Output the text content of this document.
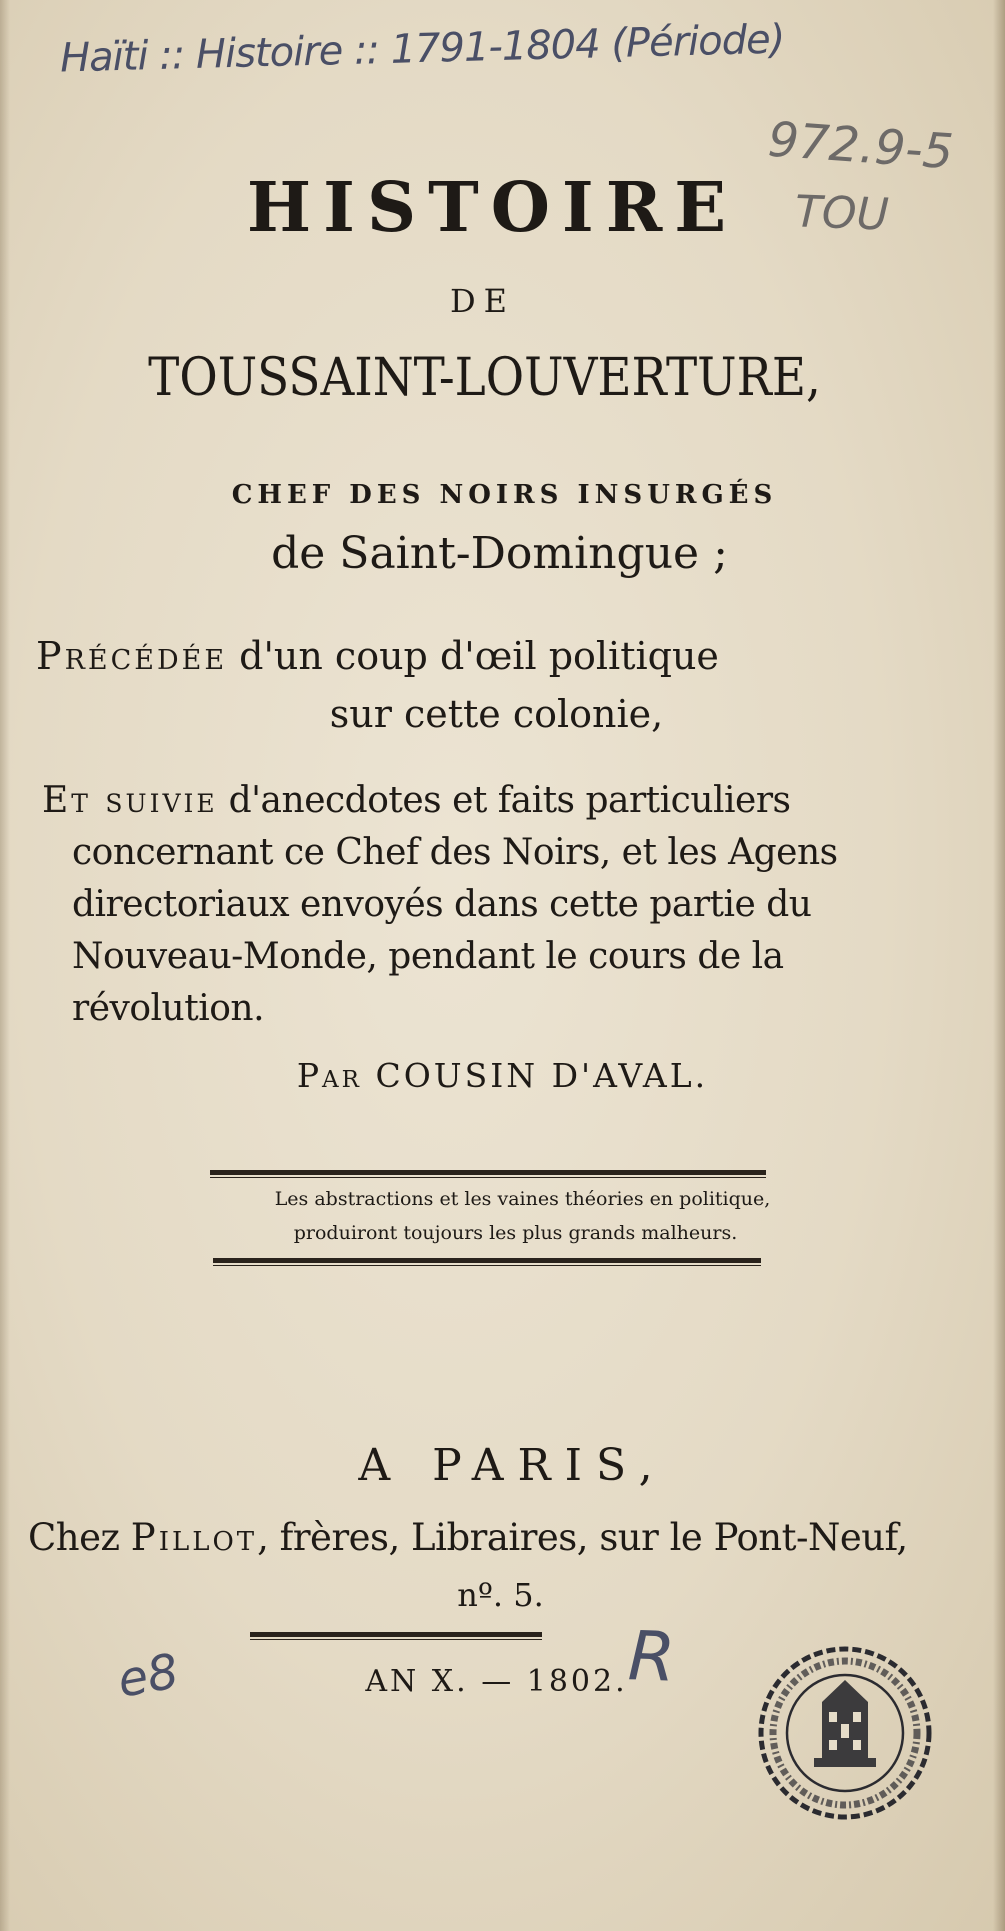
Haïti :: Histoire :: 1791-1804 (Période)
972.9-5
TOU
HISTOIRE
DE
TOUSSAINT-LOUVERTURE,
CHEF DES NOIRS INSURGÉS
de Saint-Domingue ;
Précédée d'un coup d'œil politique
sur cette colonie,
Et suivie d'anecdotes et faits particuliers
concernant ce Chef des Noirs, et les Agens
directoriaux envoyés dans cette partie du
Nouveau-Monde, pendant le cours de la
révolution.
Par COUSIN D'AVAL.
Les abstractions et les vaines théories en politique,
produiront toujours les plus grands malheurs.
A PARIS,
Chez Pillot, frères, Libraires, sur le Pont-Neuf,
nº. 5.
AN X. — 1802.
e8	R
